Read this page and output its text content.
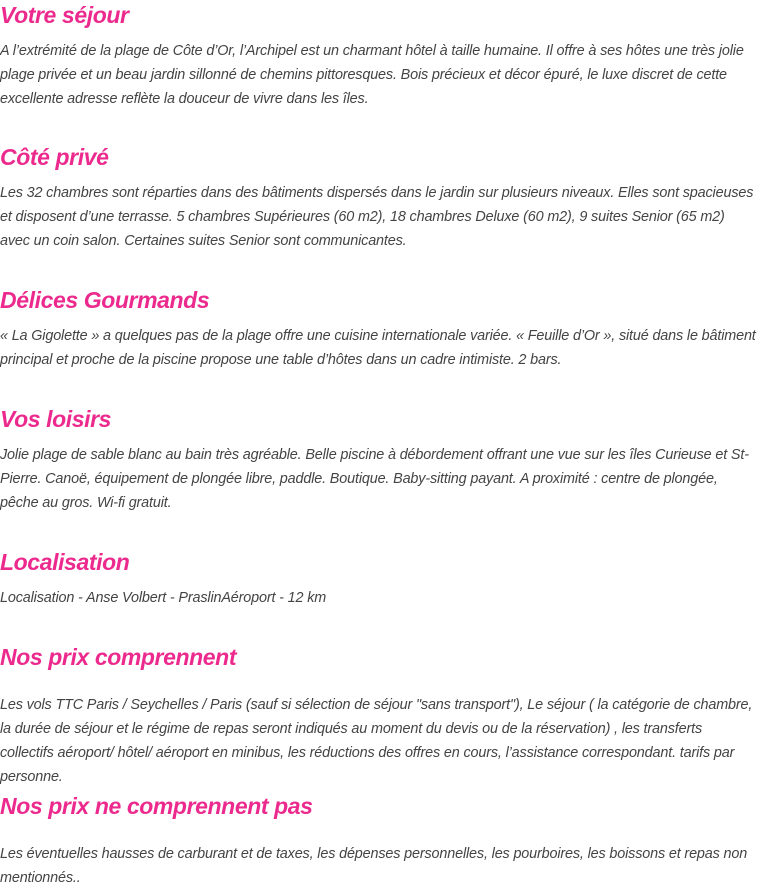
Votre séjour

A l’extrémité de la plage de Côte d’Or, l’Archipel est un charmant hôtel à taille humaine. Il offre à ses hôtes une très jolie plage privée et un beau jardin sillonné de chemins pittoresques. Bois précieux et décor épuré, le luxe discret de cette excellente adresse reflète la douceur de vivre dans les îles.

Côté privé

Les 32 chambres sont réparties dans des bâtiments dispersés dans le jardin sur plusieurs niveaux. Elles sont spacieuses et disposent d’une terrasse. 5 chambres Supérieures (60 m2), 18 chambres Deluxe (60 m2), 9 suites Senior (65 m2) avec un coin salon. Certaines suites Senior sont communicantes.

Délices Gourmands

« La Gigolette » a quelques pas de la plage offre une cuisine internationale variée. « Feuille d’Or », situé dans le bâtiment principal et proche de la piscine propose une table d’hôtes dans un cadre intimiste. 2 bars.

Vos loisirs

Jolie plage de sable blanc au bain très agréable. Belle piscine à débordement offrant une vue sur les îles Curieuse et St-Pierre. Canoë, équipement de plongée libre, paddle. Boutique. Baby-sitting payant. A proximité : centre de plongée, pêche au gros. Wi-fi gratuit.

Localisation

Localisation - Anse Volbert - PraslinAéroport - 12 km

Nos prix comprennent

Les vols TTC Paris / Seychelles / Paris (sauf si sélection de séjour "sans transport"), Le séjour ( la catégorie de chambre, la durée de séjour et le régime de repas seront indiqués au moment du devis ou de la réservation) , les transferts collectifs aéroport/ hôtel/ aéroport en minibus, les réductions des offres en cours, l’assistance correspondant. tarifs par personne.

Nos prix ne comprennent pas

Les éventuelles hausses de carburant et de taxes, les dépenses personnelles, les pourboires, les boissons et repas non mentionnés..
